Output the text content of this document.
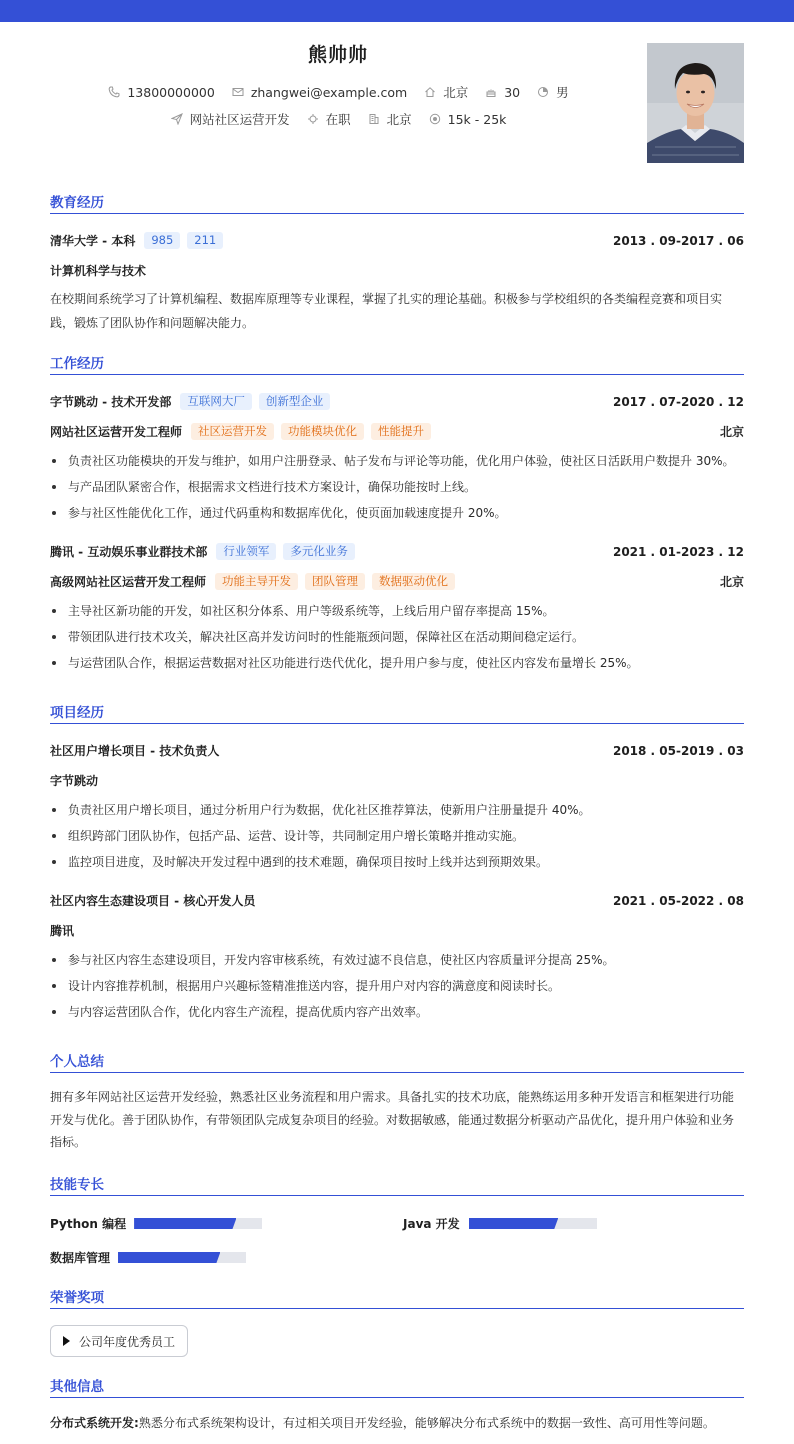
熊帅帅
13800000000	zhangwei@example.com	北京	30	男
网站社区运营开发	在职	北京	15k - 25k
教育经历
清华大学 - 本科	985	211	2013 . 09-2017 . 06
计算机科学与技术
在校期间系统学习了计算机编程、数据库原理等专业课程，掌握了扎实的理论基础。积极参与学校组织的各类编程竞赛和项目实践，锻炼了团队协作和问题解决能力。
工作经历
字节跳动 - 技术开发部	互联网大厂	创新型企业	2017 . 07-2020 . 12
网站社区运营开发工程师	社区运营开发	功能模块优化	性能提升	北京
负责社区功能模块的开发与维护，如用户注册登录、帖子发布与评论等功能，优化用户体验，使社区日活跃用户数提升 30%。
与产品团队紧密合作，根据需求文档进行技术方案设计，确保功能按时上线。
参与社区性能优化工作，通过代码重构和数据库优化，使页面加载速度提升 20%。
腾讯 - 互动娱乐事业群技术部	行业领军	多元化业务	2021 . 01-2023 . 12
高级网站社区运营开发工程师	功能主导开发	团队管理	数据驱动优化	北京
主导社区新功能的开发，如社区积分体系、用户等级系统等，上线后用户留存率提高 15%。
带领团队进行技术攻关，解决社区高并发访问时的性能瓶颈问题，保障社区在活动期间稳定运行。
与运营团队合作，根据运营数据对社区功能进行迭代优化，提升用户参与度，使社区内容发布量增长 25%。
项目经历
社区用户增长项目 - 技术负责人	2018 . 05-2019 . 03
字节跳动
负责社区用户增长项目，通过分析用户行为数据，优化社区推荐算法，使新用户注册量提升 40%。
组织跨部门团队协作，包括产品、运营、设计等，共同制定用户增长策略并推动实施。
监控项目进度，及时解决开发过程中遇到的技术难题，确保项目按时上线并达到预期效果。
社区内容生态建设项目 - 核心开发人员	2021 . 05-2022 . 08
腾讯
参与社区内容生态建设项目，开发内容审核系统，有效过滤不良信息，使社区内容质量评分提高 25%。
设计内容推荐机制，根据用户兴趣标签精准推送内容，提升用户对内容的满意度和阅读时长。
与内容运营团队合作，优化内容生产流程，提高优质内容产出效率。
个人总结
拥有多年网站社区运营开发经验，熟悉社区业务流程和用户需求。具备扎实的技术功底，能熟练运用多种开发语言和框架进行功能开发与优化。善于团队协作，有带领团队完成复杂项目的经验。对数据敏感，能通过数据分析驱动产品优化，提升用户体验和业务指标。
技能专长
Python 编程	Java 开发
数据库管理
荣誉奖项
公司年度优秀员工
其他信息
分布式系统开发:熟悉分布式系统架构设计，有过相关项目开发经验，能够解决分布式系统中的数据一致性、高可用性等问题。
